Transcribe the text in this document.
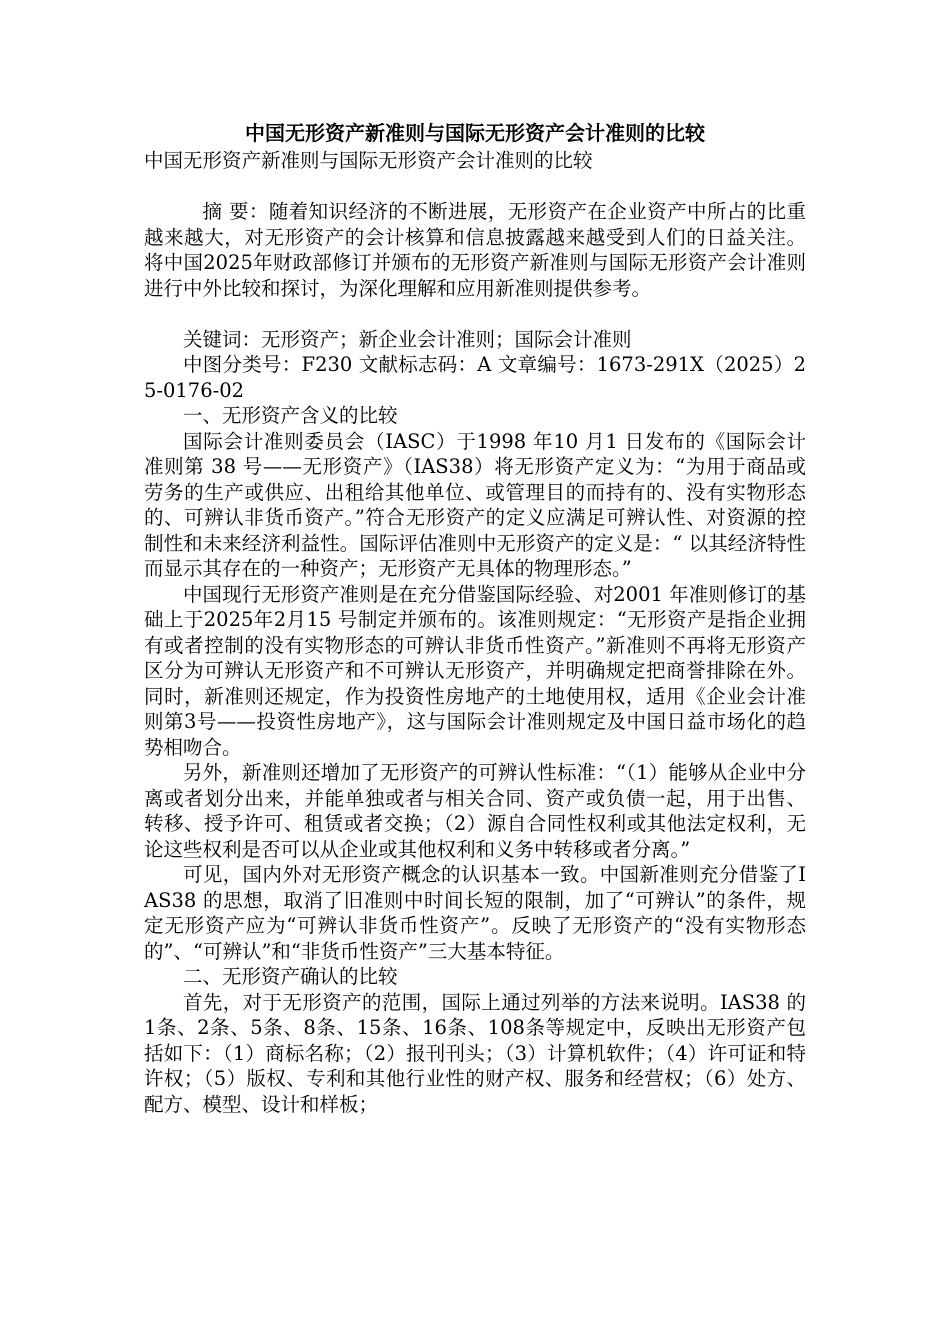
中国无形资产新准则与国际无形资产会计准则的比较

中国无形资产新准则与国际无形资产会计准则的比较

摘 要：随着知识经济的不断进展，无形资产在企业资产中所占的比重越来越大，对无形资产的会计核算和信息披露越来越受到人们的日益关注。将中国2025年财政部修订并颁布的无形资产新准则与国际无形资产会计准则进行中外比较和探讨，为深化理解和应用新准则提供参考。

关键词：无形资产；新企业会计准则；国际会计准则

中图分类号：F230 文献标志码：A 文章编号：1673-291X（2025）25-0176-02

一、无形资产含义的比较

国际会计准则委员会（IASC）于1998 年10 月1 日发布的《国际会计准则第 38 号——无形资产》（IAS38）将无形资产定义为：“为用于商品或劳务的生产或供应、出租给其他单位、或管理目的而持有的、没有实物形态的、可辨认非货币资产。”符合无形资产的定义应满足可辨认性、对资源的控制性和未来经济利益性。国际评估准则中无形资产的定义是：“ 以其经济特性而显示其存在的一种资产；无形资产无具体的物理形态。”

中国现行无形资产准则是在充分借鉴国际经验、对2001 年准则修订的基础上于2025年2月15 号制定并颁布的。该准则规定：“无形资产是指企业拥有或者控制的没有实物形态的可辨认非货币性资产。”新准则不再将无形资产区分为可辨认无形资产和不可辨认无形资产，并明确规定把商誉排除在外。同时，新准则还规定，作为投资性房地产的土地使用权，适用《企业会计准则第3号——投资性房地产》，这与国际会计准则规定及中国日益市场化的趋势相吻合。

另外，新准则还增加了无形资产的可辨认性标准：“（1）能够从企业中分离或者划分出来，并能单独或者与相关合同、资产或负债一起，用于出售、转移、授予许可、租赁或者交换；（2）源自合同性权利或其他法定权利，无论这些权利是否可以从企业或其他权利和义务中转移或者分离。”

可见，国内外对无形资产概念的认识基本一致。中国新准则充分借鉴了IAS38 的思想，取消了旧准则中时间长短的限制，加了“可辨认”的条件，规定无形资产应为“可辨认非货币性资产”。反映了无形资产的“没有实物形态的”、“可辨认”和“非货币性资产”三大基本特征。

二、无形资产确认的比较

首先，对于无形资产的范围，国际上通过列举的方法来说明。IAS38 的1条、2条、5条、8条、15条、16条、108条等规定中，反映出无形资产包括如下：（1）商标名称；（2）报刊刊头；（3）计算机软件；（4）许可证和特许权；（5）版权、专利和其他行业性的财产权、服务和经营权；（6）处方、配方、模型、设计和样板；
